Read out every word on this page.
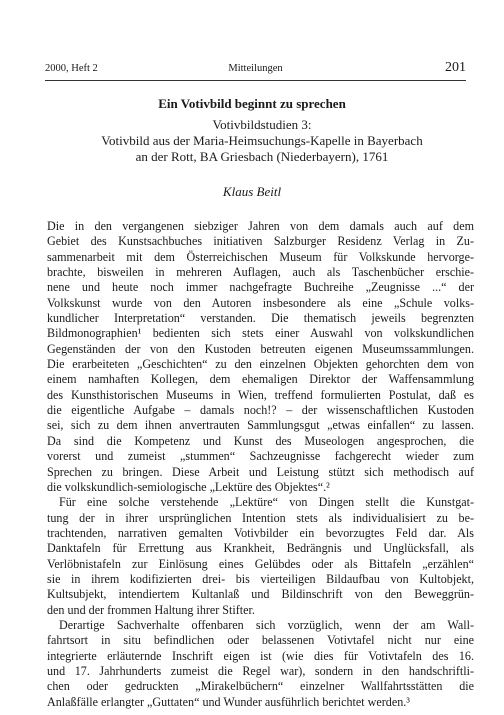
2000, Heft 2	Mitteilungen	201
Ein Votivbild beginnt zu sprechen
Votivbildstudien 3:
Votivbild aus der Maria-Heimsuchungs-Kapelle in Bayerbach
an der Rott, BA Griesbach (Niederbayern), 1761
Klaus Beitl
Die in den vergangenen siebziger Jahren von dem damals auch auf dem
Gebiet des Kunstsachbuches initiativen Salzburger Residenz Verlag in Zu-
sammenarbeit mit dem Österreichischen Museum für Volkskunde hervorge-
brachte, bisweilen in mehreren Auflagen, auch als Taschenbücher erschie-
nene und heute noch immer nachgefragte Buchreihe „Zeugnisse ...“ der
Volkskunst wurde von den Autoren insbesondere als eine „Schule volks-
kundlicher Interpretation“ verstanden. Die thematisch jeweils begrenzten
Bildmonographien¹ bedienten sich stets einer Auswahl von volkskundlichen
Gegenständen der von den Kustoden betreuten eigenen Museumssammlungen.
Die erarbeiteten „Geschichten“ zu den einzelnen Objekten gehorchten dem von
einem namhaften Kollegen, dem ehemaligen Direktor der Waffensammlung
des Kunsthistorischen Museums in Wien, treffend formulierten Postulat, daß es
die eigentliche Aufgabe – damals noch!? – der wissenschaftlichen Kustoden
sei, sich zu dem ihnen anvertrauten Sammlungsgut „etwas einfallen“ zu lassen.
Da sind die Kompetenz und Kunst des Museologen angesprochen, die
vorerst und zumeist „stummen“ Sachzeugnisse fachgerecht wieder zum
Sprechen zu bringen. Diese Arbeit und Leistung stützt sich methodisch auf
die volkskundlich-semiologische „Lektüre des Objektes“.²
Für eine solche verstehende „Lektüre“ von Dingen stellt die Kunstgat-
tung der in ihrer ursprünglichen Intention stets als individualisiert zu be-
trachtenden, narrativen gemalten Votivbilder ein bevorzugtes Feld dar. Als
Danktafeln für Errettung aus Krankheit, Bedrängnis und Unglücksfall, als
Verlöbnistafeln zur Einlösung eines Gelübdes oder als Bittafeln „erzählen“
sie in ihrem kodifizierten drei- bis vierteiligen Bildaufbau von Kultobjekt,
Kultsubjekt, intendiertem Kultanlaß und Bildinschrift von den Beweggrün-
den und der frommen Haltung ihrer Stifter.
Derartige Sachverhalte offenbaren sich vorzüglich, wenn der am Wall-
fahrtsort in situ befindlichen oder belassenen Votivtafel nicht nur eine
integrierte erläuternde Inschrift eigen ist (wie dies für Votivtafeln des 16.
und 17. Jahrhunderts zumeist die Regel war), sondern in den handschriftli-
chen oder gedruckten „Mirakelbüchern“ einzelner Wallfahrtsstätten die
Anlaßfälle erlangter „Guttaten“ und Wunder ausführlich berichtet werden.³
